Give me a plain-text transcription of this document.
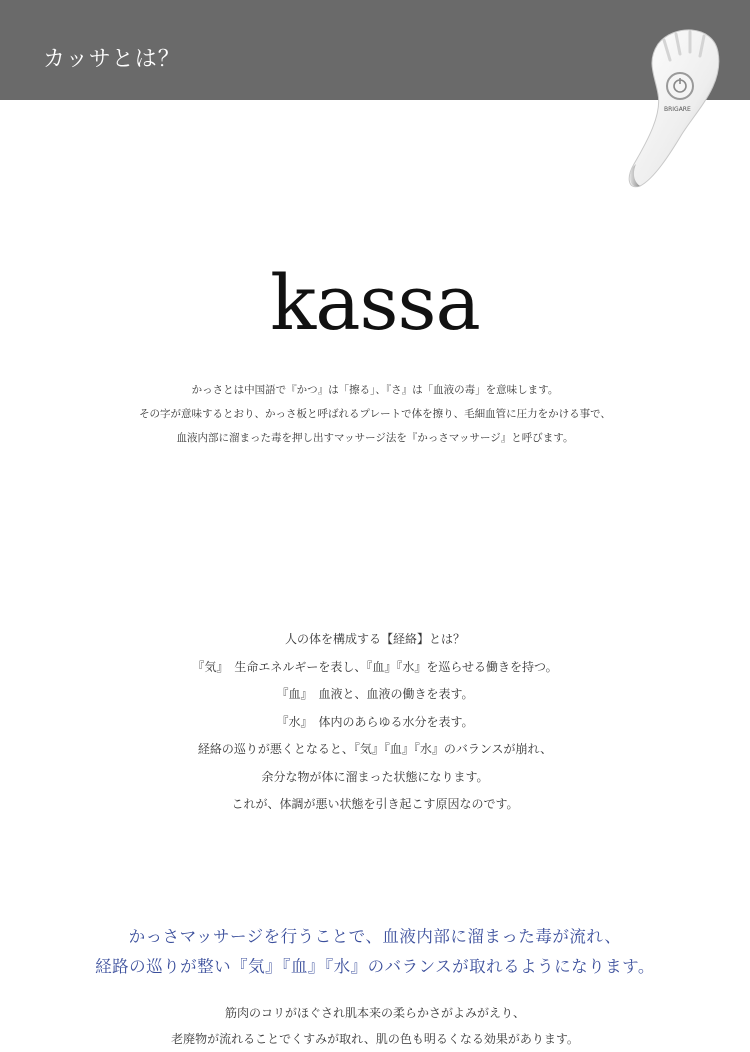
カッサとは？
BRIGARE
kassa
かっさとは中国語で『かつ』は「擦る」、『さ』は「血液の毒」を意味します。
その字が意味するとおり、かっさ板と呼ばれるプレートで体を擦り、毛細血管に圧力をかける事で、
血液内部に溜まった毒を押し出すマッサージ法を『かっさマッサージ』と呼びます。
人の体を構成する【経絡】とは？
『気』　生命エネルギーを表し、『血』『水』を巡らせる働きを持つ。
『血』　血液と、血液の働きを表す。
『水』　体内のあらゆる水分を表す。
経絡の巡りが悪くとなると、『気』『血』『水』のバランスが崩れ、
余分な物が体に溜まった状態になります。
これが、体調が悪い状態を引き起こす原因なのです。
かっさマッサージを行うことで、血液内部に溜まった毒が流れ、
経路の巡りが整い『気』『血』『水』のバランスが取れるようになります。
筋肉のコリがほぐされ肌本来の柔らかさがよみがえり、
老廃物が流れることでくすみが取れ、肌の色も明るくなる効果があります。
